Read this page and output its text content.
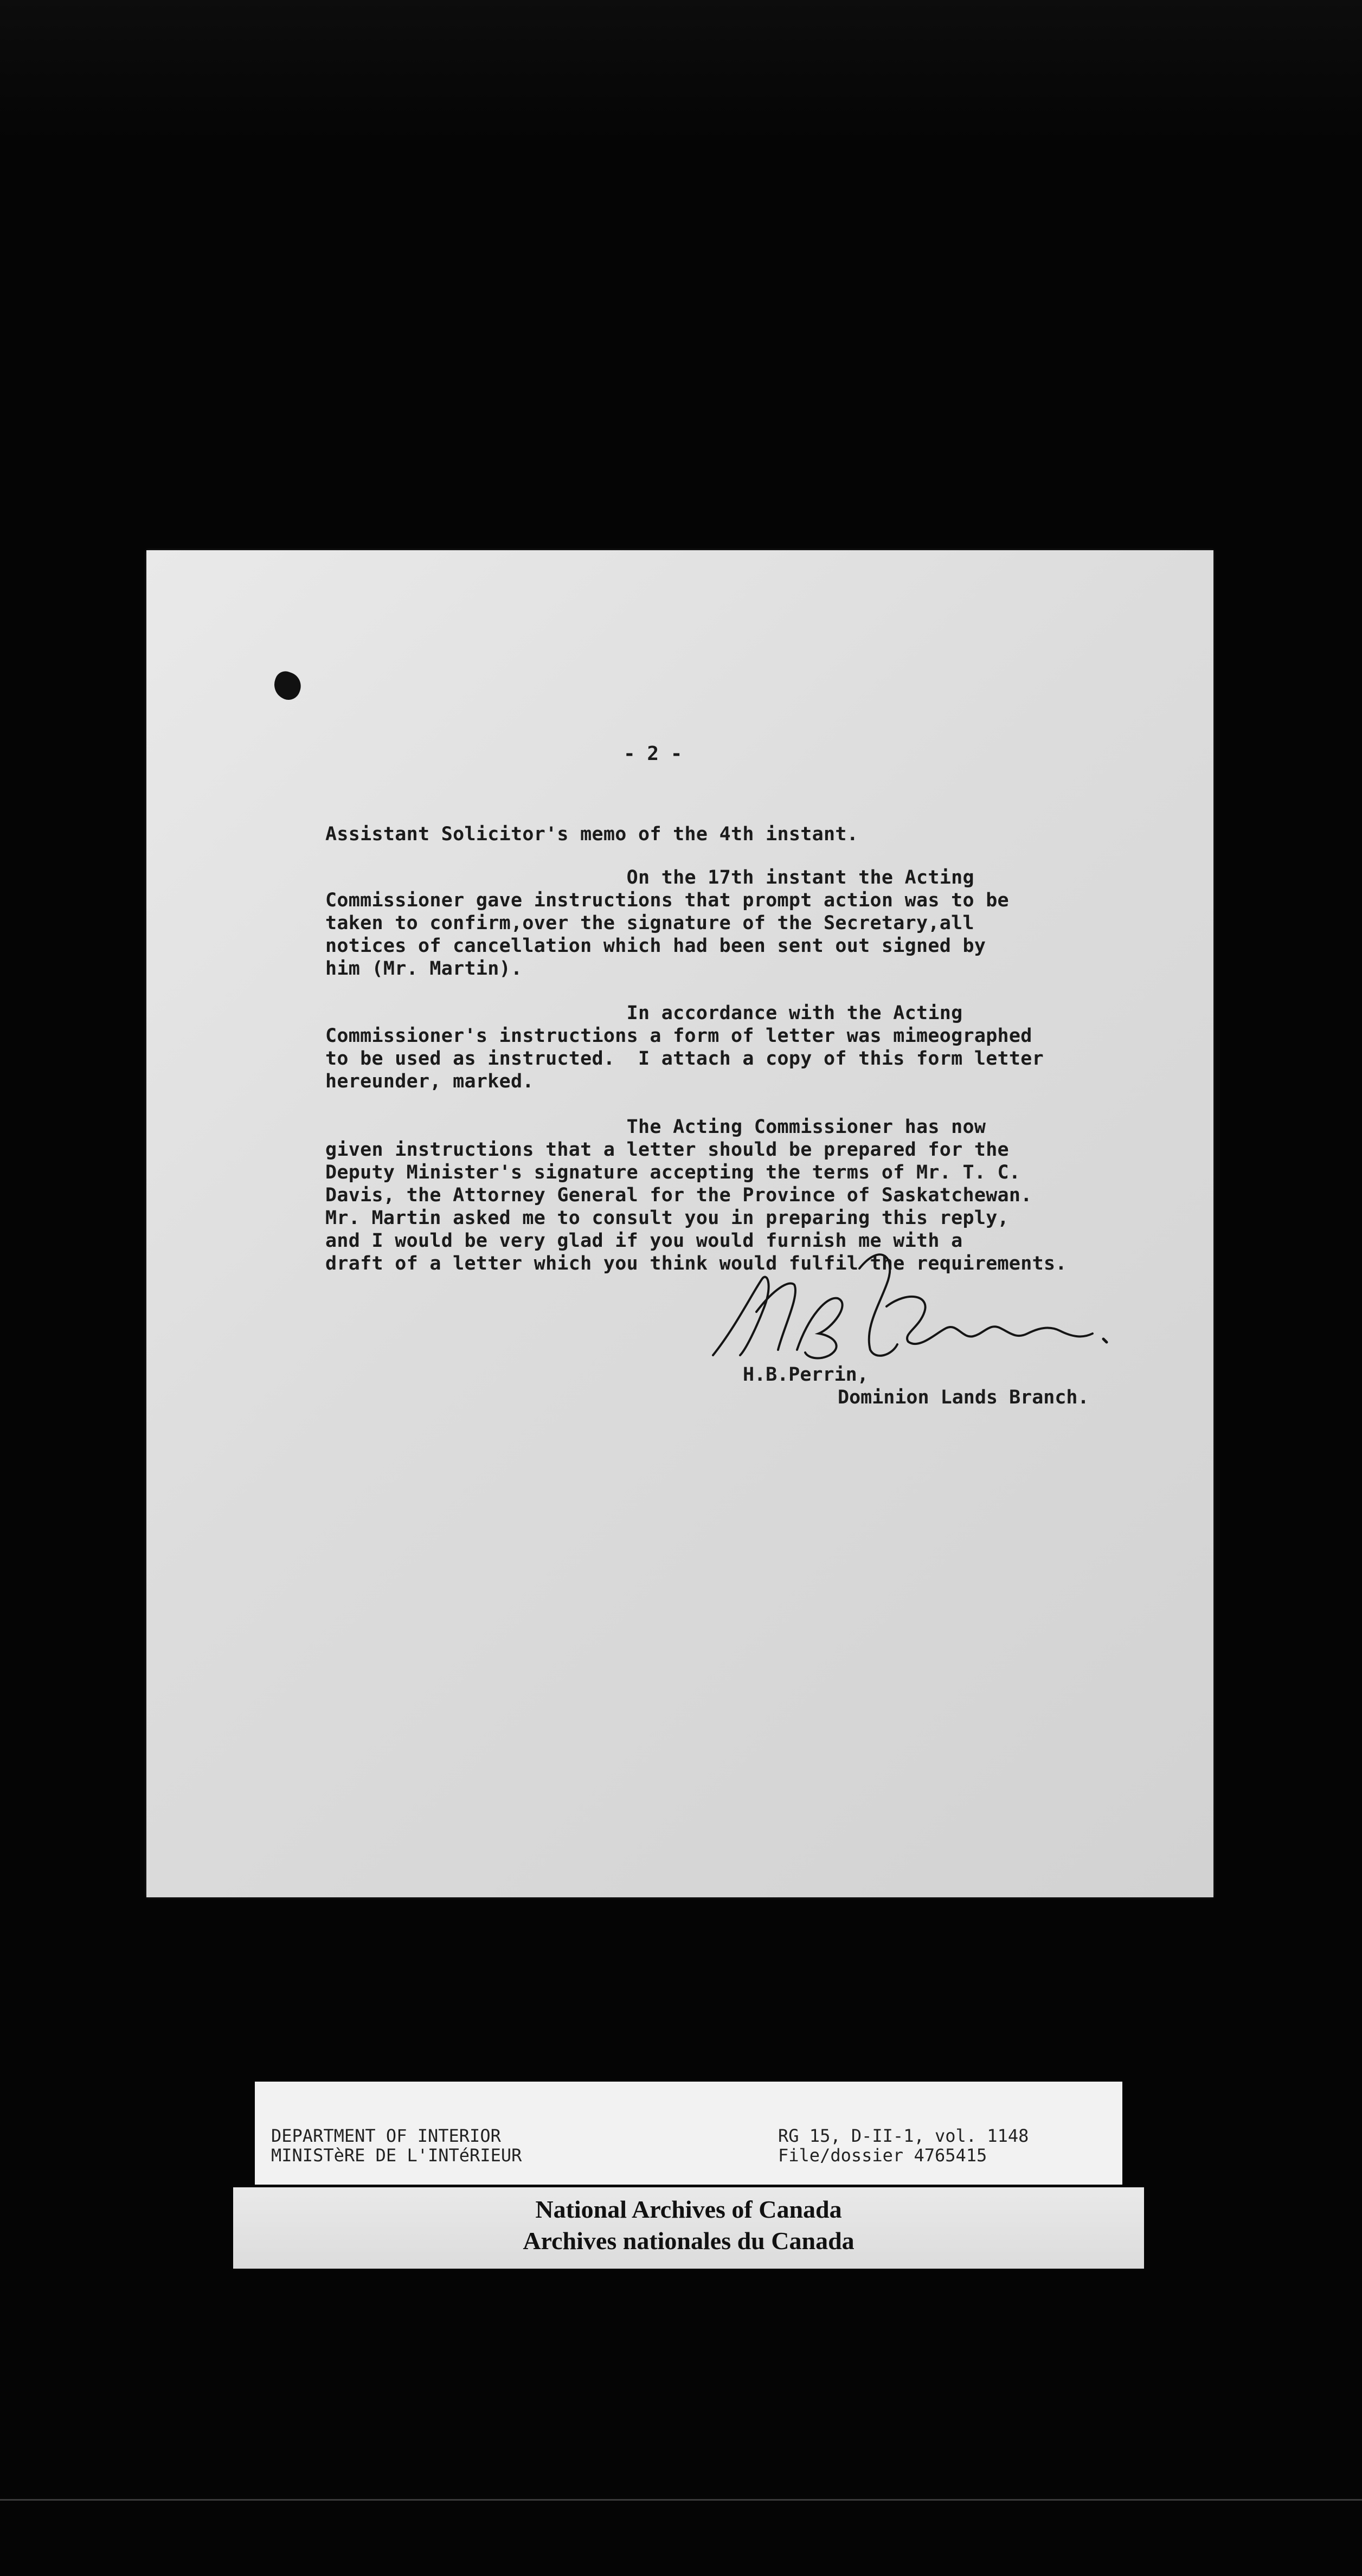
- 2 -
Assistant Solicitor's memo of the 4th instant.
On the 17th instant the Acting
Commissioner gave instructions that prompt action was to be
taken to confirm,over the signature of the Secretary,all
notices of cancellation which had been sent out signed by
him (Mr. Martin).
In accordance with the Acting
Commissioner's instructions a form of letter was mimeographed
to be used as instructed.  I attach a copy of this form letter
hereunder, marked.
The Acting Commissioner has now
given instructions that a letter should be prepared for the
Deputy Minister's signature accepting the terms of Mr. T. C.
Davis, the Attorney General for the Province of Saskatchewan.
Mr. Martin asked me to consult you in preparing this reply,
and I would be very glad if you would furnish me with a
draft of a letter which you think would fulfil the requirements.
H.B.Perrin,
Dominion Lands Branch.
DEPARTMENT OF INTERIOR
MINISTèRE DE L'INTéRIEUR
RG 15, D-II-1, vol. 1148
File/dossier 4765415
National Archives of Canada
Archives nationales du Canada
